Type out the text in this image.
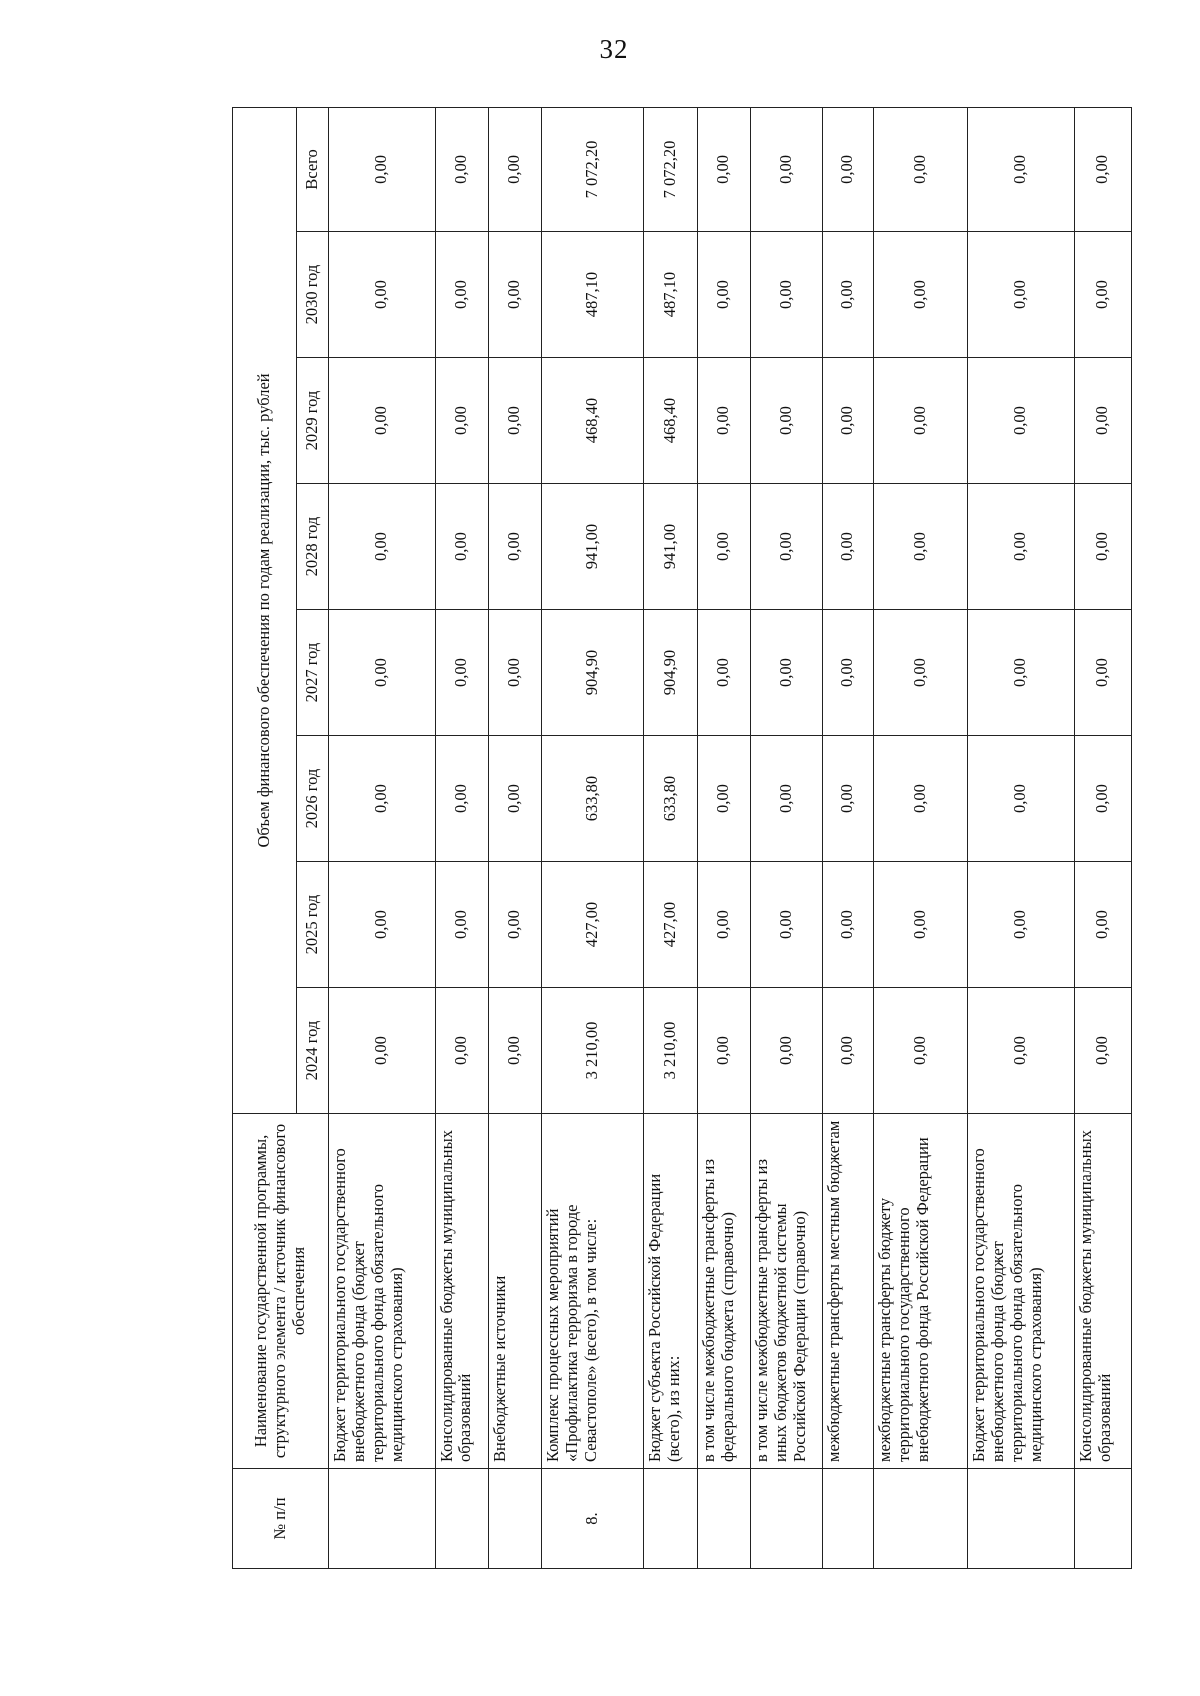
32
№ п/п	Наименование государственной программы, структурного элемента / источник финансового обеспечения	Объем финансового обеспечения по годам реализации, тыс. рублей							
		2024 год	2025 год	2026 год	2027 год	2028 год	2029 год	2030 год	Всего
	Бюджет территориального государственного внебюджетного фонда (бюджет территориального фонда обязательного медицинского страхования)	0,00	0,00	0,00	0,00	0,00	0,00	0,00	0,00
	Консолидированные бюджеты муниципальных образований	0,00	0,00	0,00	0,00	0,00	0,00	0,00	0,00
	Внебюджетные источники	0,00	0,00	0,00	0,00	0,00	0,00	0,00	0,00
8.	Комплекс процессных мероприятий «Профилактика терроризма в городе Севастополе» (всего), в том числе:	3 210,00	427,00	633,80	904,90	941,00	468,40	487,10	7 072,20
	Бюджет субъекта Российской Федерации (всего), из них:	3 210,00	427,00	633,80	904,90	941,00	468,40	487,10	7 072,20
	в том числе межбюджетные трансферты из федерального бюджета (справочно)	0,00	0,00	0,00	0,00	0,00	0,00	0,00	0,00
	в том числе межбюджетные трансферты из иных бюджетов бюджетной системы Российской Федерации (справочно)	0,00	0,00	0,00	0,00	0,00	0,00	0,00	0,00
	межбюджетные трансферты местным бюджетам	0,00	0,00	0,00	0,00	0,00	0,00	0,00	0,00
	межбюджетные трансферты бюджету территориального государственного внебюджетного фонда Российской Федерации	0,00	0,00	0,00	0,00	0,00	0,00	0,00	0,00
	Бюджет территориального государственного внебюджетного фонда (бюджет территориального фонда обязательного медицинского страхования)	0,00	0,00	0,00	0,00	0,00	0,00	0,00	0,00
	Консолидированные бюджеты муниципальных образований	0,00	0,00	0,00	0,00	0,00	0,00	0,00	0,00
